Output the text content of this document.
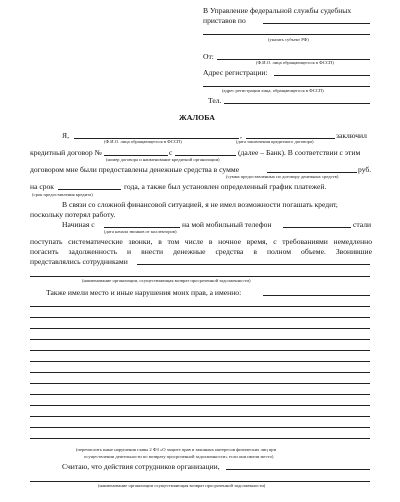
В Управление федеральной службы судебных
приставов по
(указать субъект РФ)
От:
(Ф.И.О. лица обращающегося в ФССП)
Адрес регистрации:
(адрес регистрации лица, обращающегося в ФССП)
Тел.
ЖАЛОБА
Я,	,	заключил
(Ф.И.О. лица обращающегося в ФССП)	(дата заключения кредитного договора)
кредитный договор №	с	(далее – Банк). В соответствии с этим
(номер договора и наименование кредитной организации)
договором мне были предоставлены денежные средства в сумме	руб.
(сумма предоставленных по договору денежных средств)
на срок	года, а также был установлен определенный график платежей.
(срок предоставления кредита)
В связи со сложной финансовой ситуацией, я не имел возможности погашать кредит,
поскольку потерял работу.
Начиная с	на мой мобильный телефон	стали
(дата начала звонков от коллекторов)
поступать систематические звонки, в том числе в ночное время, с требованиями немедленно
погасить задолженность и внести денежные средства в полном объеме. Звонившие
представлялись сотрудниками
(наименование организации, осуществляющая возврат просроченной задолженности)
Также имели место и иные нарушения моих прав, а именно:
(перечислить иные нарушения главы 2 ФЗ «О защите прав и законных интересов физических лиц при
осуществлении деятельности по возврату просроченной задолженности» если они имели место)
Считаю, что действия сотрудников организации,
(наименование организации осуществляющая возврат просроченной задолженности)
